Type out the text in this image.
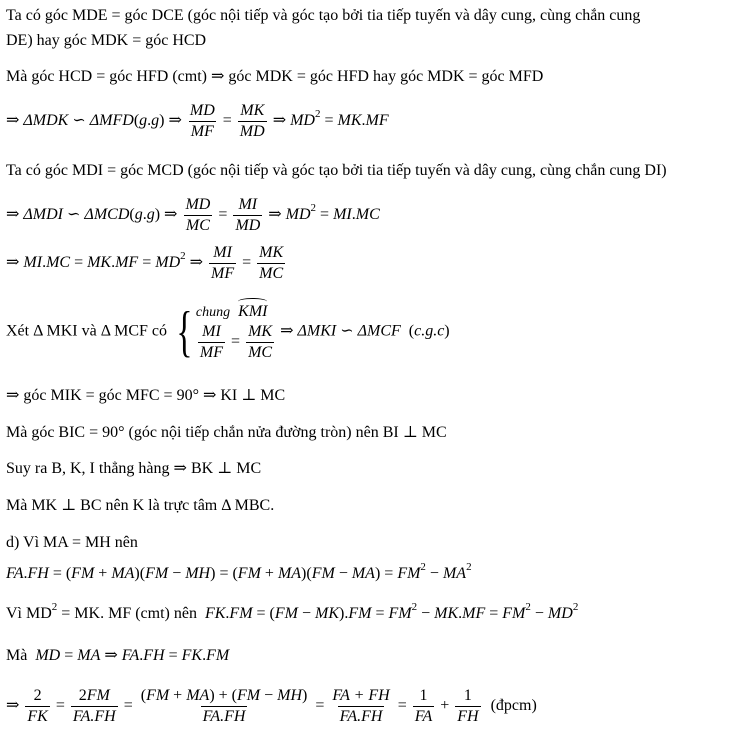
Ta có góc MDE = góc DCE (góc nội tiếp và góc tạo bởi tia tiếp tuyến và dây cung, cùng chắn cung
DE) hay góc MDK = góc HCD
Mà góc HCD = góc HFD (cmt) ⇒ góc MDK = góc HFD hay góc MDK = góc MFD
⇒ ΔMDK ∽ ΔMFD(g.g) ⇒ $\frac{MD}{MF} = \frac{MK}{MD}$ ⇒ $MD^2 = MK.MF$
Ta có góc MDI = góc MCD (góc nội tiếp và góc tạo bởi tia tiếp tuyến và dây cung, cùng chắn cung DI)
⇒ ΔMDI ∽ ΔMCD(g.g) ⇒ $\frac{MD}{MC} = \frac{MI}{MD}$ ⇒ $MD^2 = MI.MC$
⇒ $MI.MC = MK.MF = MD^2$ ⇒ $\frac{MI}{MF} = \frac{MK}{MC}$
Xét Δ MKI và Δ MCF có { chung KMI
$\frac{MI}{MF} = \frac{MK}{MC}$ ⇒ ΔMKI ∽ ΔMCF  (c.g.c)
⇒ góc MIK = góc MFC = 90° ⇒ KI ⊥ MC
Mà góc BIC = 90° (góc nội tiếp chắn nửa đường tròn) nên BI ⊥ MC
Suy ra B, K, I thẳng hàng ⇒ BK ⊥ MC
Mà MK ⊥ BC nên K là trực tâm Δ MBC.
d) Vì MA = MH nên
$FA.FH = (FM + MA)(FM - MH) = (FM + MA)(FM - MA) = FM^2 - MA^2$
Vì $MD^2$ = MK. MF (cmt) nên $FK.FM = (FM - MK).FM = FM^2 - MK.MF = FM^2 - MD^2$
Mà MD = MA ⇒ FA.FH = FK.FM
⇒ $\frac{2}{FK} = \frac{2FM}{FA.FH} = \frac{(FM + MA) + (FM - MH)}{FA.FH} = \frac{FA + FH}{FA.FH} = \frac{1}{FA} + \frac{1}{FH}$ (đpcm)
